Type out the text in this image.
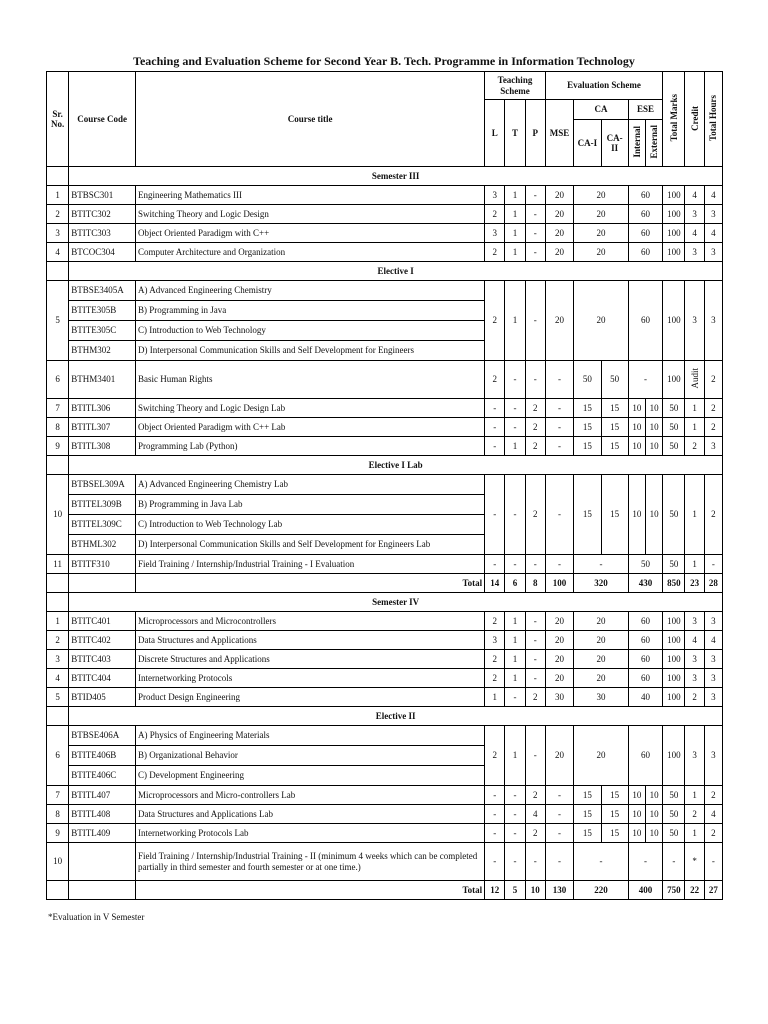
Teaching and Evaluation Scheme for Second Year B. Tech. Programme in Information Technology
Sr. No.	Course Code	Course title	Teaching Scheme			Evaluation Scheme					Total Marks	Credit	Total Hours
			L	T	P	MSE	CA		ESE				
							CA-I	CA-II	Internal	External			

	Semester III												
1	BTBSC301	Engineering Mathematics III	3	1	-	20	20		60		100	4	4
2	BTITC302	Switching Theory and Logic Design	2	1	-	20	20		60		100	3	3
3	BTITC303	Object Oriented Paradigm with C++	3	1	-	20	20		60		100	4	4
4	BTCOC304	Computer Architecture and Organization	2	1	-	20	20		60		100	3	3
	Elective I												
5	BTBSE3405A	A) Advanced Engineering Chemistry	2	1	-	20	20		60		100	3	3
	BTITE305B	B) Programming in Java											
	BTITE305C	C) Introduction to Web Technology											
	BTHM302	D) Interpersonal Communication Skills and Self Development for Engineers											
6	BTHM3401	Basic Human Rights	2	-	-	-	50	50	-		100	Audit	2
7	BTITL306	Switching Theory and Logic Design Lab	-	-	2	-	15	15	10	10	50	1	2
8	BTITL307	Object Oriented Paradigm with C++ Lab	-	-	2	-	15	15	10	10	50	1	2
9	BTITL308	Programming Lab (Python)	-	1	2	-	15	15	10	10	50	2	3
	Elective I Lab												
10	BTBSEL309A	A) Advanced Engineering Chemistry Lab	-	-	2	-	15	15	10	10	50	1	2
	BTITEL309B	B) Programming in Java Lab											
	BTITEL309C	C) Introduction to Web Technology Lab											
	BTHML302	D) Interpersonal Communication Skills and Self Development for Engineers Lab											
11	BTITF310	Field Training / Internship/Industrial Training - I Evaluation	-	-	-	-	-		50		50	1	-
		Total	14	6	8	100	320		430		850	23	28
	Semester IV												
1	BTITC401	Microprocessors and Microcontrollers	2	1	-	20	20		60		100	3	3
2	BTITC402	Data Structures and Applications	3	1	-	20	20		60		100	4	4
3	BTITC403	Discrete Structures and Applications	2	1	-	20	20		60		100	3	3
4	BTITC404	Internetworking Protocols	2	1	-	20	20		60		100	3	3
5	BTID405	Product Design Engineering	1	-	2	30	30		40		100	2	3
	Elective II												
6	BTBSE406A	A) Physics of Engineering Materials	2	1	-	20	20		60		100	3	3
	BTITE406B	B) Organizational Behavior											
	BTITE406C	C) Development Engineering											
7	BTITL407	Microprocessors and Micro-controllers Lab	-	-	2	-	15	15	10	10	50	1	2
8	BTITL408	Data Structures and Applications Lab	-	-	4	-	15	15	10	10	50	2	4
9	BTITL409	Internetworking Protocols Lab	-	-	2	-	15	15	10	10	50	1	2
10		Field Training / Internship/Industrial Training - II (minimum 4 weeks which can be completed partially in third semester and fourth semester or at one time.)	-	-	-	-	-		-		-	*	-
		Total	12	5	10	130	220		400		750	22	27
*Evaluation in V Semester
